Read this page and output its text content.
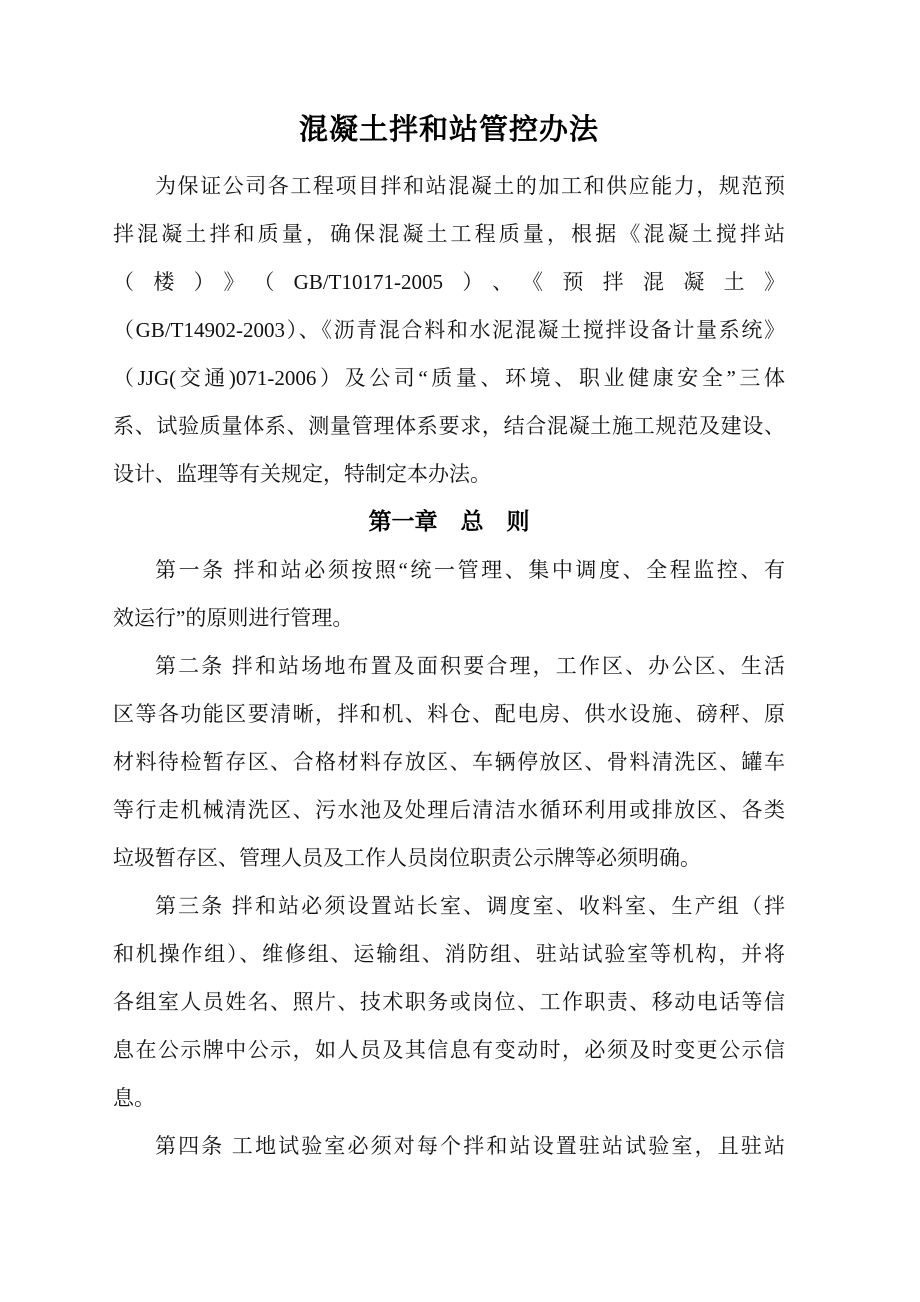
混凝土拌和站管控办法
为保证公司各工程项目拌和站混凝土的加工和供应能力，规范预
拌混凝土拌和质量，确保混凝土工程质量，根据《混凝土搅拌站
（楼）》（GB/T10171-2005）、《预拌混凝土》
（GB/T14902-2003）、《沥青混合料和水泥混凝土搅拌设备计量系统》
（JJG(交通)071-2006）及公司“质量、环境、职业健康安全”三体
系、试验质量体系、测量管理体系要求，结合混凝土施工规范及建设、
设计、监理等有关规定，特制定本办法。
第一章　总　则
第一条 拌和站必须按照“统一管理、集中调度、全程监控、有
效运行”的原则进行管理。
第二条 拌和站场地布置及面积要合理，工作区、办公区、生活
区等各功能区要清晰，拌和机、料仓、配电房、供水设施、磅秤、原
材料待检暂存区、合格材料存放区、车辆停放区、骨料清洗区、罐车
等行走机械清洗区、污水池及处理后清洁水循环利用或排放区、各类
垃圾暂存区、管理人员及工作人员岗位职责公示牌等必须明确。
第三条 拌和站必须设置站长室、调度室、收料室、生产组（拌
和机操作组）、维修组、运输组、消防组、驻站试验室等机构，并将
各组室人员姓名、照片、技术职务或岗位、工作职责、移动电话等信
息在公示牌中公示，如人员及其信息有变动时，必须及时变更公示信
息。
第四条 工地试验室必须对每个拌和站设置驻站试验室，且驻站
